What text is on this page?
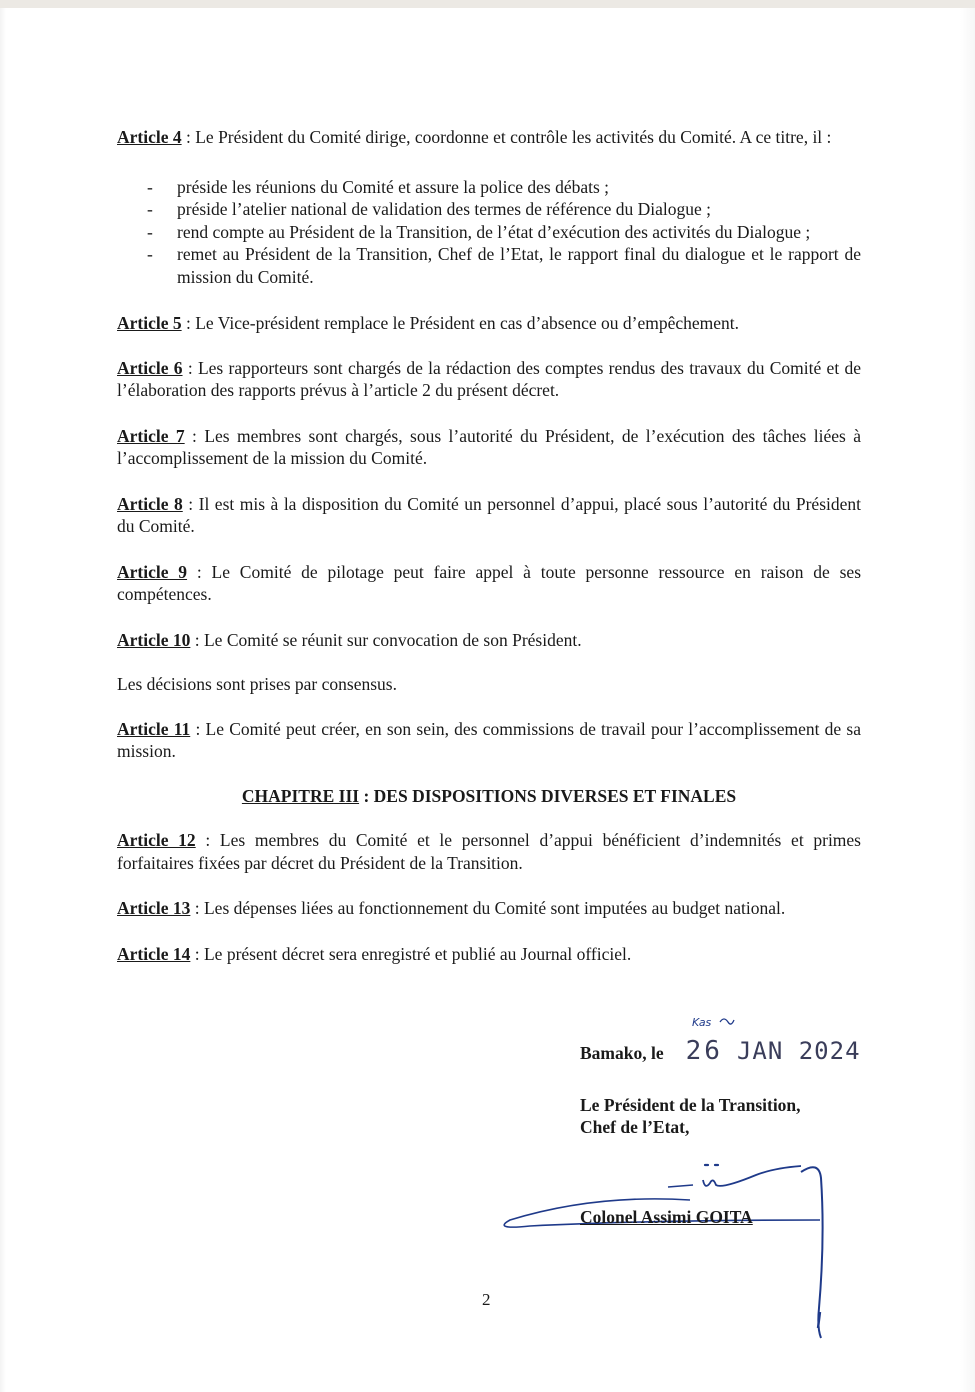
Article 4 : Le Président du Comité dirige, coordonne et contrôle les activités du Comité. A ce titre, il :

- préside les réunions du Comité et assure la police des débats ;
- préside l’atelier national de validation des termes de référence du Dialogue ;
- rend compte au Président de la Transition, de l’état d’exécution des activités du Dialogue ;
- remet au Président de la Transition, Chef de l’Etat, le rapport final du dialogue et le rapport de mission du Comité.

Article 5 : Le Vice-président remplace le Président en cas d’absence ou d’empêchement.

Article 6 : Les rapporteurs sont chargés de la rédaction des comptes rendus des travaux du Comité et de l’élaboration des rapports prévus à l’article 2 du présent décret.

Article 7 : Les membres sont chargés, sous l’autorité du Président, de l’exécution des tâches liées à l’accomplissement de la mission du Comité.

Article 8 : Il est mis à la disposition du Comité un personnel d’appui, placé sous l’autorité du Président du Comité.

Article 9 : Le Comité de pilotage peut faire appel à toute personne ressource en raison de ses compétences.

Article 10 : Le Comité se réunit sur convocation de son Président.

Les décisions sont prises par consensus.

Article 11 : Le Comité peut créer, en son sein, des commissions de travail pour l’accomplissement de sa mission.

CHAPITRE III : DES DISPOSITIONS DIVERSES ET FINALES

Article 12 : Les membres du Comité et le personnel d’appui bénéficient d’indemnités et primes forfaitaires fixées par décret du Président de la Transition.

Article 13 : Les dépenses liées au fonctionnement du Comité sont imputées au budget national.

Article 14 : Le présent décret sera enregistré et publié au Journal officiel.

Kas
Bamako, le 26 JAN 2024
Le Président de la Transition,
Chef de l’Etat,
Colonel Assimi GOITA
2
